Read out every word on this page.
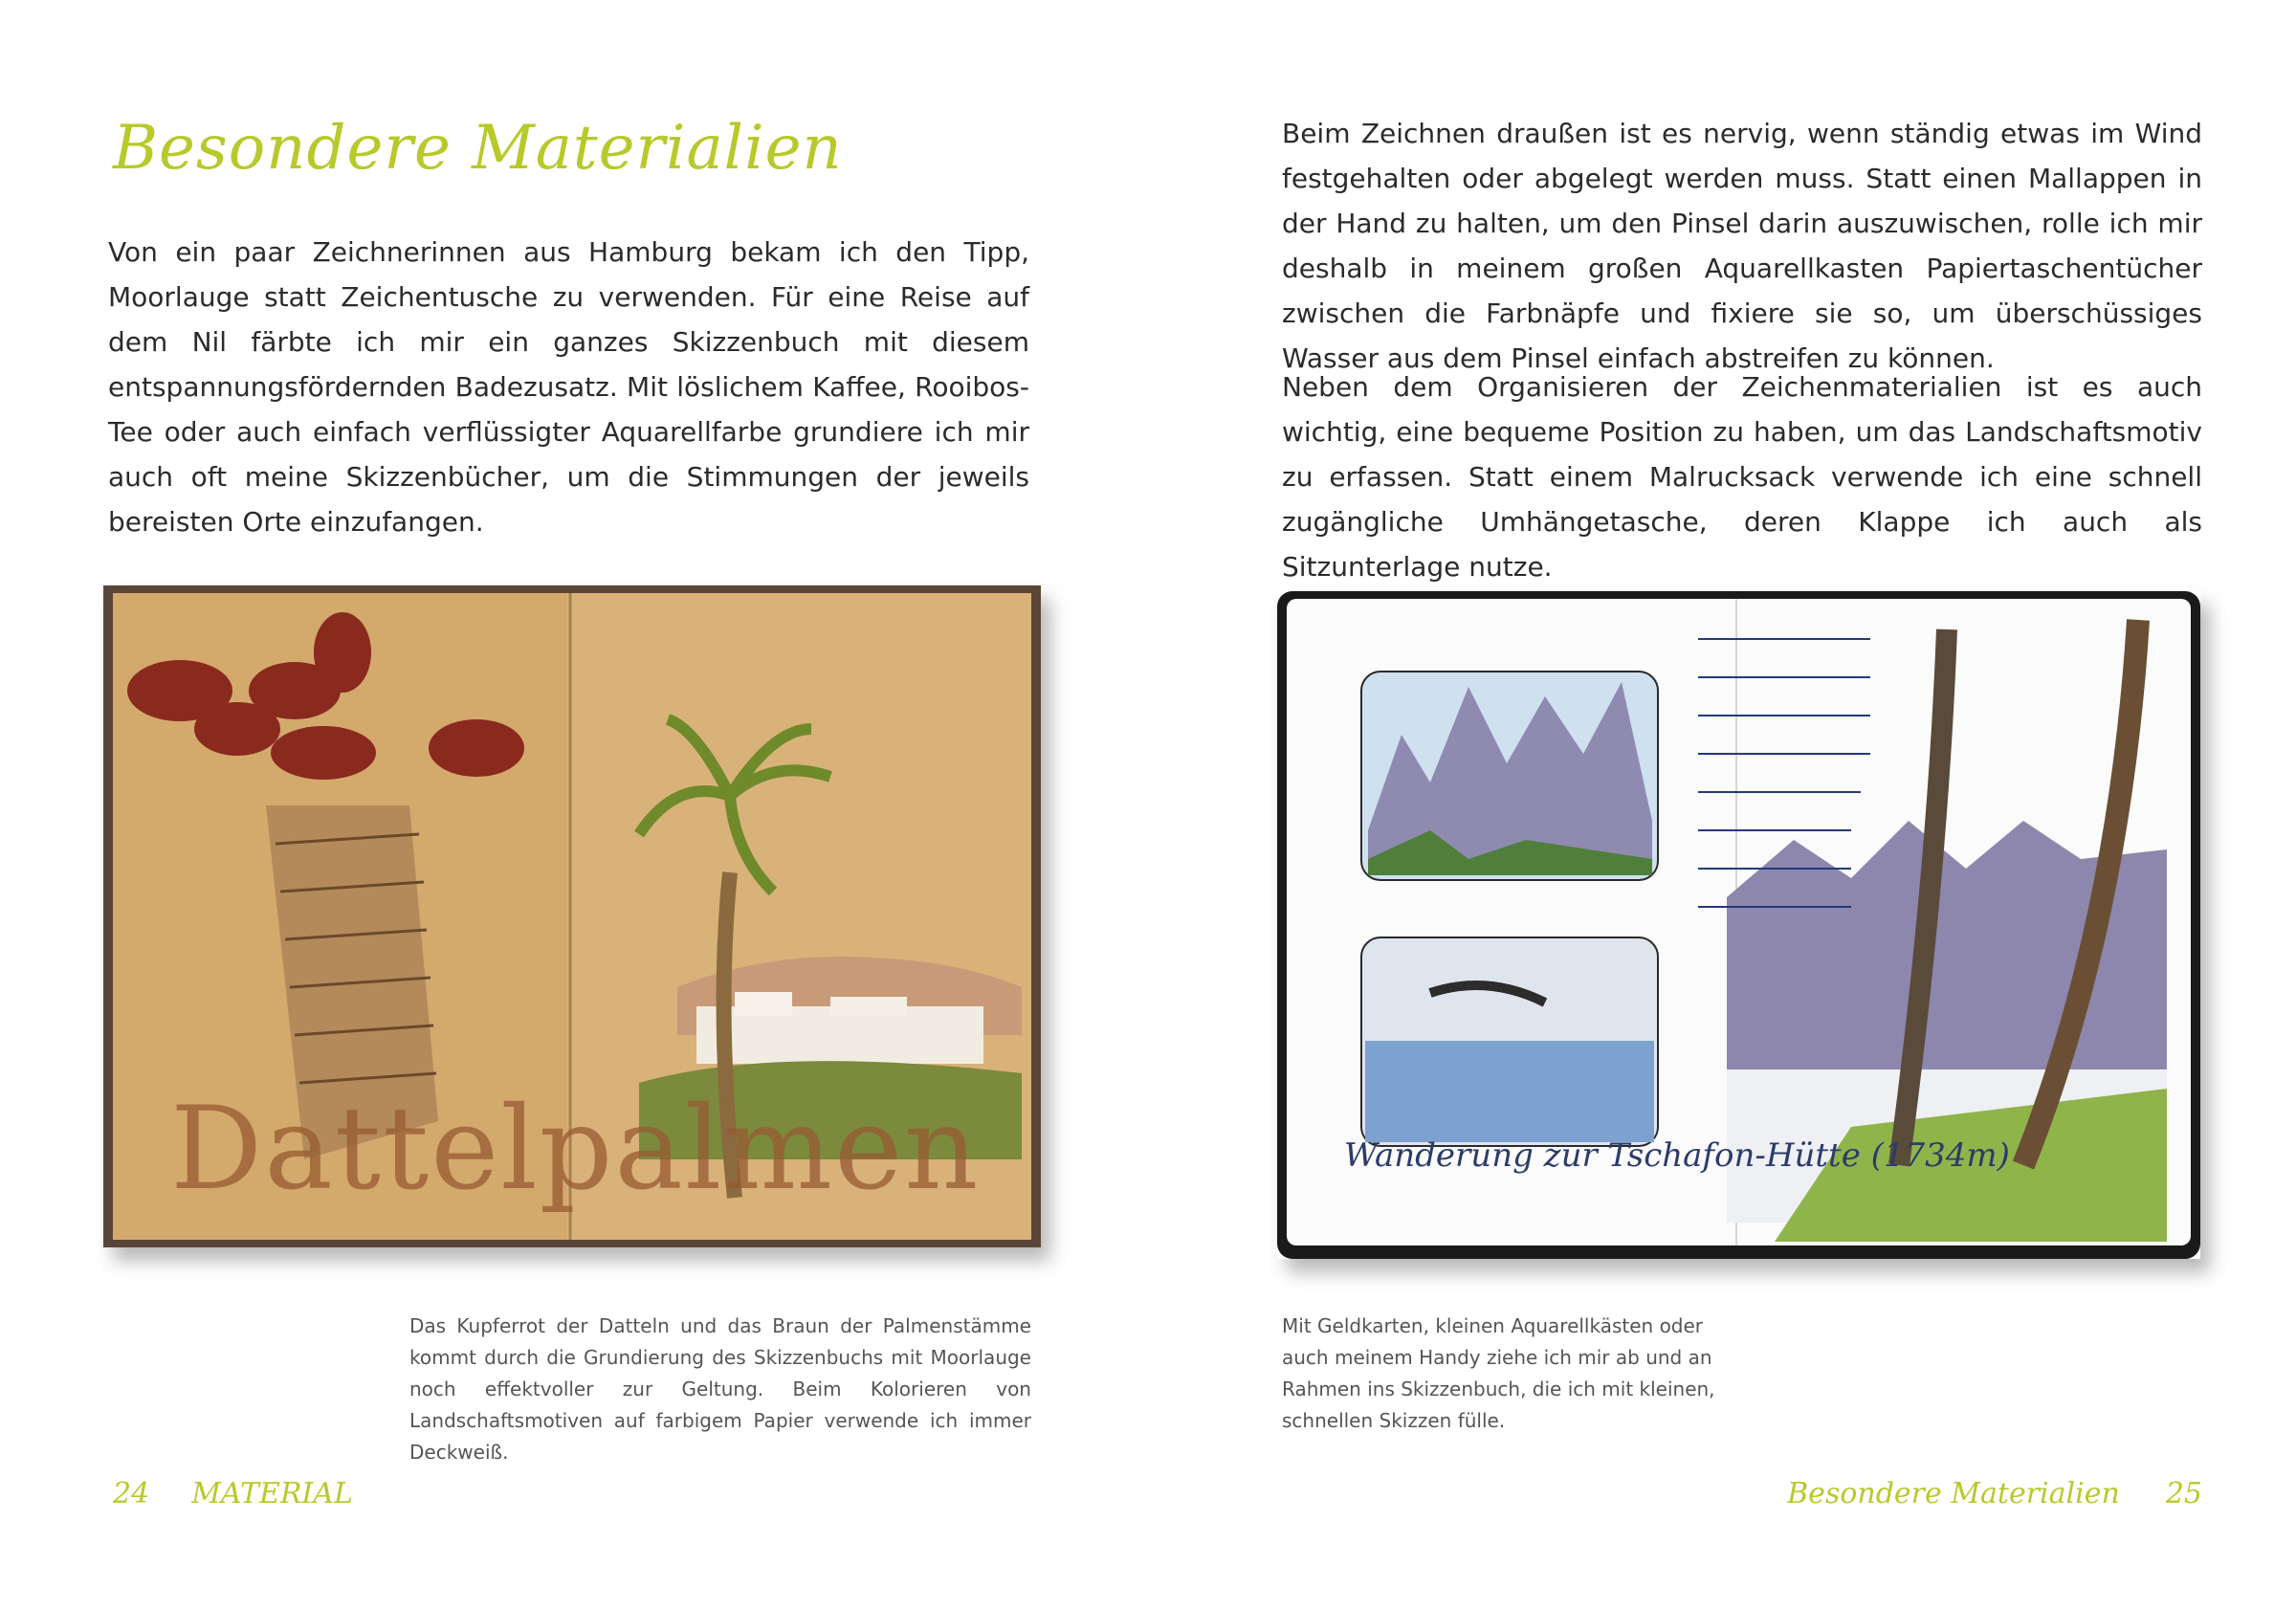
Besondere Materialien

Von ein paar Zeichnerinnen aus Hamburg bekam ich den Tipp, Moorlauge statt Zeichentusche zu verwenden. Für eine Reise auf dem Nil färbte ich mir ein ganzes Skizzenbuch mit diesem entspannungsfördernden Badezusatz. Mit löslichem Kaffee, Rooibos-Tee oder auch einfach verflüssigter Aquarellfarbe grundiere ich mir auch oft meine Skizzenbücher, um die Stimmungen der jeweils bereisten Orte einzufangen.

Dattelpalmen

Das Kupferrot der Datteln und das Braun der Palmenstämme kommt durch die Grundierung des Skizzenbuchs mit Moorlauge noch effektvoller zur Geltung. Beim Kolorieren von Landschaftsmotiven auf farbigem Papier verwende ich immer Deckweiß.

24 MATERIAL

Beim Zeichnen draußen ist es nervig, wenn ständig etwas im Wind festgehalten oder abgelegt werden muss. Statt einen Mallappen in der Hand zu halten, um den Pinsel darin auszuwischen, rolle ich mir deshalb in meinem großen Aquarellkasten Papiertaschentücher zwischen die Farbnäpfe und fixiere sie so, um überschüssiges Wasser aus dem Pinsel einfach abstreifen zu können.

Neben dem Organisieren der Zeichenmaterialien ist es auch wichtig, eine bequeme Position zu haben, um das Landschaftsmotiv zu erfassen. Statt einem Malrucksack verwende ich eine schnell zugängliche Umhängetasche, deren Klappe ich auch als Sitzunterlage nutze.

Wanderung zur Tschafon-Hütte (1734m)

Mit Geldkarten, kleinen Aquarellkästen oder auch meinem Handy ziehe ich mir ab und an Rahmen ins Skizzenbuch, die ich mit kleinen, schnellen Skizzen fülle.

Besondere Materialien 25
